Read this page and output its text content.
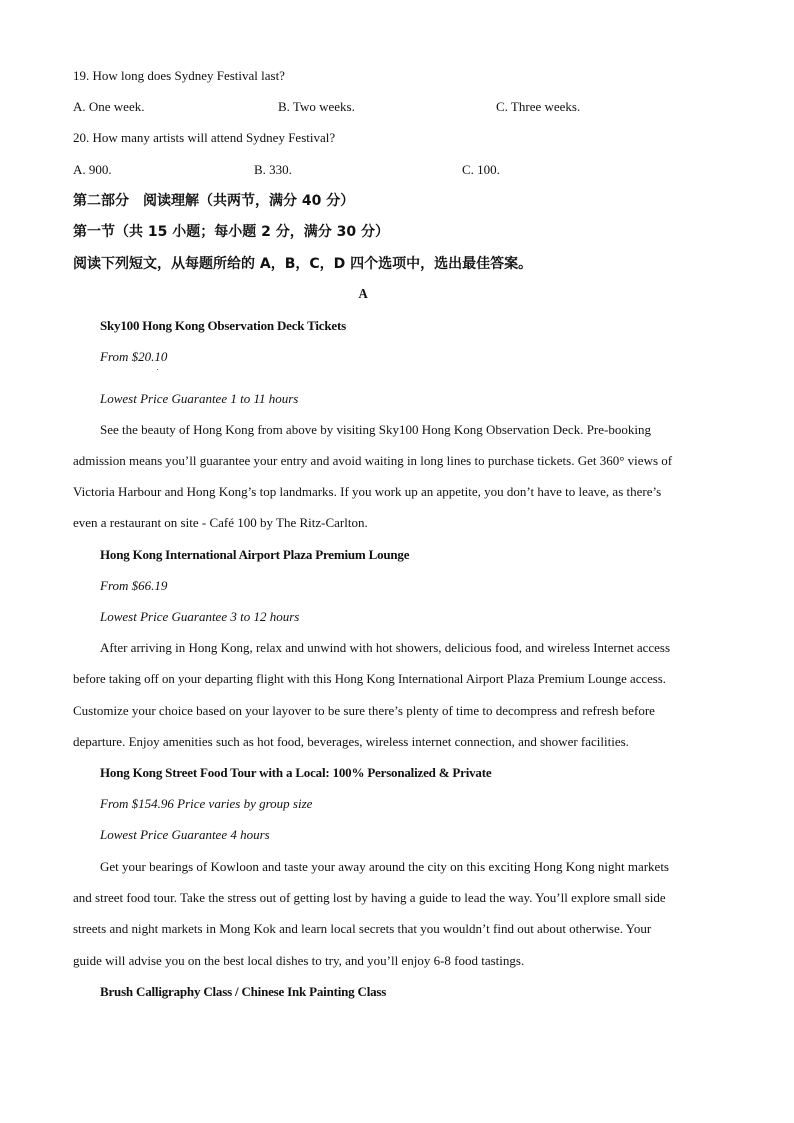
19. How long does Sydney Festival last?
A. One week.	B. Two weeks.	C. Three weeks.
20. How many artists will attend Sydney Festival?
A. 900.	B. 330.	C. 100.
第二部分　阅读理解（共两节，满分 40 分）
第一节（共 15 小题；每小题 2 分，满分 30 分）
阅读下列短文，从每题所给的 A，B，C，D 四个选项中，选出最佳答案。
A
Sky100 Hong Kong Observation Deck Tickets
From $20.10
Lowest Price Guarantee 1 to 11 hours
See the beauty of Hong Kong from above by visiting Sky100 Hong Kong Observation Deck. Pre-booking
admission means you’ll guarantee your entry and avoid waiting in long lines to purchase tickets. Get 360° views of
Victoria Harbour and Hong Kong’s top landmarks. If you work up an appetite, you don’t have to leave, as there’s
even a restaurant on site - Café 100 by The Ritz-Carlton.
Hong Kong International Airport Plaza Premium Lounge
From $66.19
Lowest Price Guarantee 3 to 12 hours
After arriving in Hong Kong, relax and unwind with hot showers, delicious food, and wireless Internet access
before taking off on your departing flight with this Hong Kong International Airport Plaza Premium Lounge access.
Customize your choice based on your layover to be sure there’s plenty of time to decompress and refresh before
departure. Enjoy amenities such as hot food, beverages, wireless internet connection, and shower facilities.
Hong Kong Street Food Tour with a Local: 100% Personalized & Private
From $154.96 Price varies by group size
Lowest Price Guarantee 4 hours
Get your bearings of Kowloon and taste your away around the city on this exciting Hong Kong night markets
and street food tour. Take the stress out of getting lost by having a guide to lead the way. You’ll explore small side
streets and night markets in Mong Kok and learn local secrets that you wouldn’t find out about otherwise. Your
guide will advise you on the best local dishes to try, and you’ll enjoy 6-8 food tastings.
Brush Calligraphy Class / Chinese Ink Painting Class
